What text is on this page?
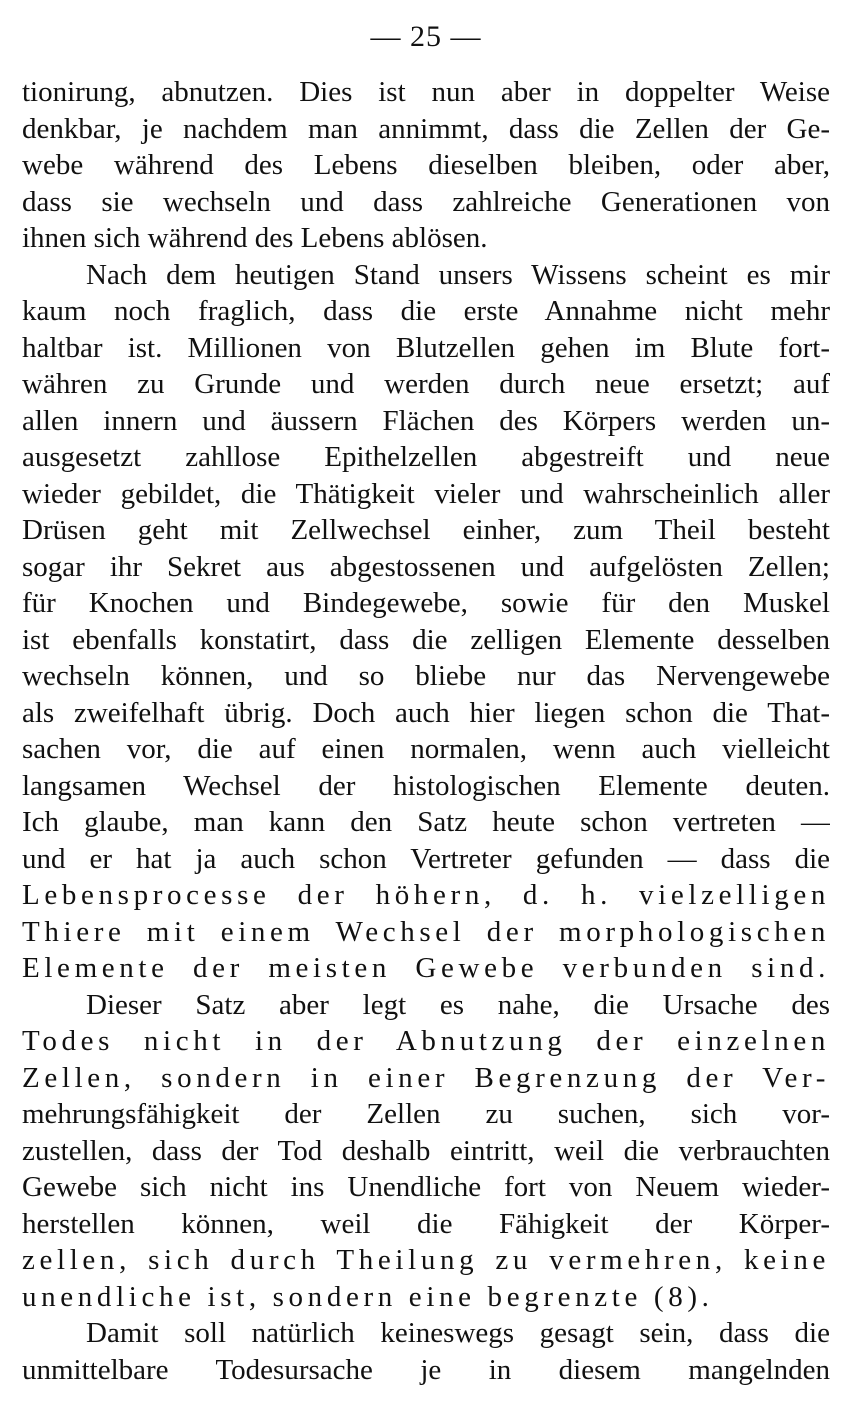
— 25 —
tionirung, abnutzen. Dies ist nun aber in doppelter Weise
denkbar, je nachdem man annimmt, dass die Zellen der Ge-
webe während des Lebens dieselben bleiben, oder aber,
dass sie wechseln und dass zahlreiche Generationen von
ihnen sich während des Lebens ablösen.
Nach dem heutigen Stand unsers Wissens scheint es mir
kaum noch fraglich, dass die erste Annahme nicht mehr
haltbar ist. Millionen von Blutzellen gehen im Blute fort-
währen zu Grunde und werden durch neue ersetzt; auf
allen innern und äussern Flächen des Körpers werden un-
ausgesetzt zahllose Epithelzellen abgestreift und neue
wieder gebildet, die Thätigkeit vieler und wahrscheinlich aller
Drüsen geht mit Zellwechsel einher, zum Theil besteht
sogar ihr Sekret aus abgestossenen und aufgelösten Zellen;
für Knochen und Bindegewebe, sowie für den Muskel
ist ebenfalls konstatirt, dass die zelligen Elemente desselben
wechseln können, und so bliebe nur das Nervengewebe
als zweifelhaft übrig. Doch auch hier liegen schon die That-
sachen vor, die auf einen normalen, wenn auch vielleicht
langsamen Wechsel der histologischen Elemente deuten.
Ich glaube, man kann den Satz heute schon vertreten —
und er hat ja auch schon Vertreter gefunden — dass die
Lebensprocesse der höhern, d. h. vielzelligen
Thiere mit einem Wechsel der morphologischen
Elemente der meisten Gewebe verbunden sind.
Dieser Satz aber legt es nahe, die Ursache des
Todes nicht in der Abnutzung der einzelnen
Zellen, sondern in einer Begrenzung der Ver-
mehrungsfähigkeit der Zellen zu suchen, sich vor-
zustellen, dass der Tod deshalb eintritt, weil die verbrauchten
Gewebe sich nicht ins Unendliche fort von Neuem wieder-
herstellen können, weil die Fähigkeit der Körper-
zellen, sich durch Theilung zu vermehren, keine
unendliche ist, sondern eine begrenzte (8).
Damit soll natürlich keineswegs gesagt sein, dass die
unmittelbare Todesursache je in diesem mangelnden
